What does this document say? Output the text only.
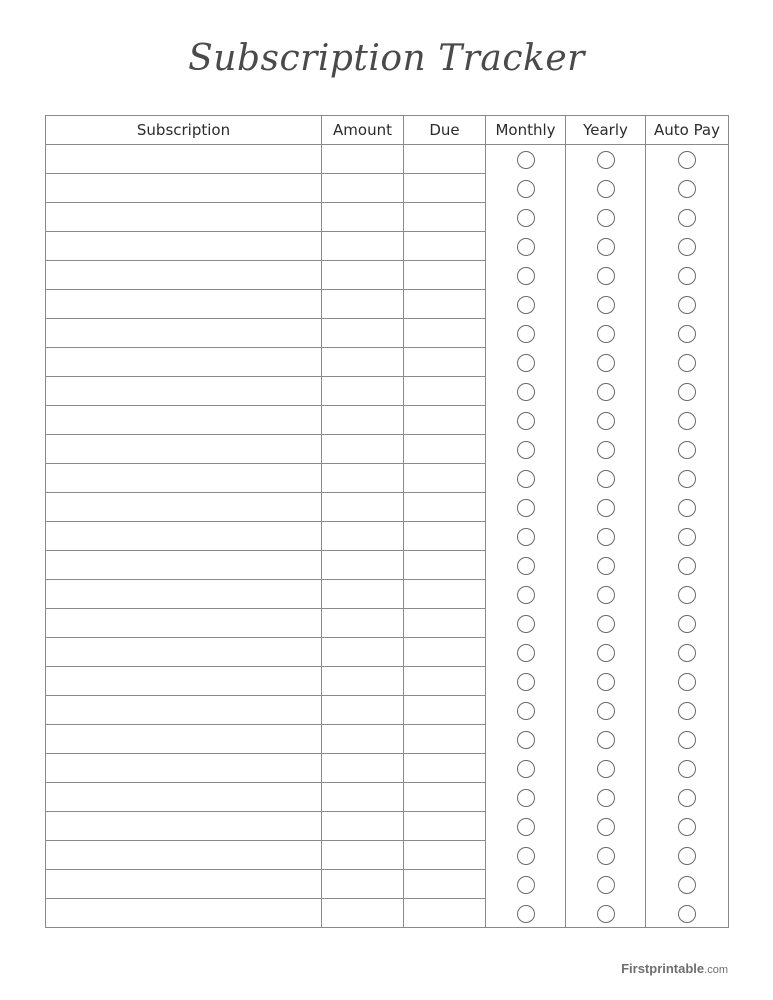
Subscription Tracker
Subscription	Amount	Due	Monthly	Yearly	Auto Pay

Firstprintable.com
